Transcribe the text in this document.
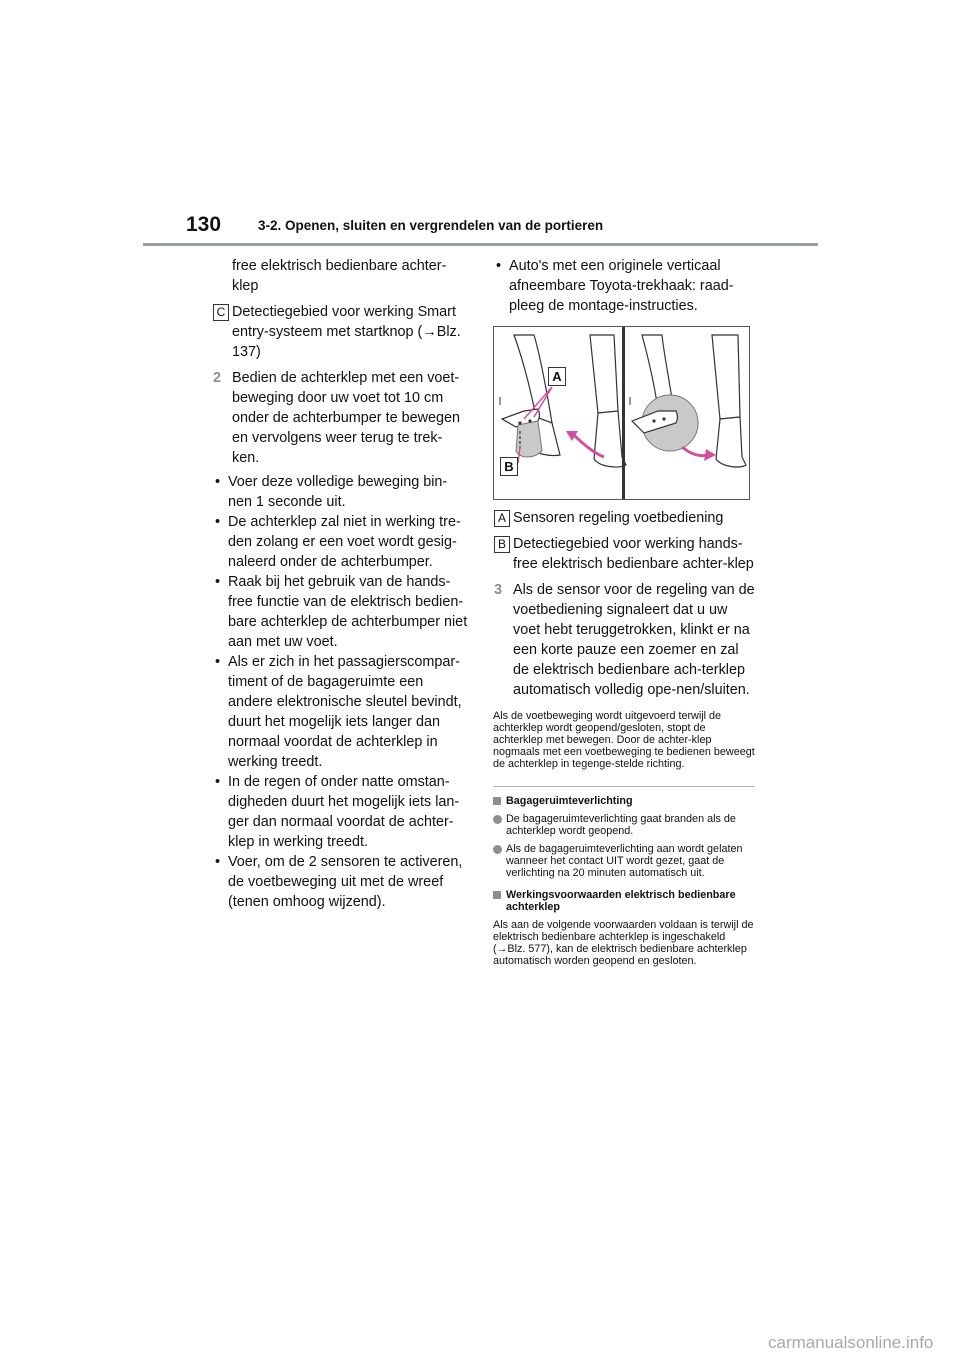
130	3-2. Openen, sluiten en vergrendelen van de portieren

free elektrisch bedienbare achter-
klep

C Detectiegebied voor werking Smart entry-systeem met startknop (→Blz. 137)
2 Bedien de achterklep met een voet-beweging door uw voet tot 10 cm onder de achterbumper te bewegen en vervolgens weer terug te trek-ken.
• Voer deze volledige beweging bin-nen 1 seconde uit.
• De achterklep zal niet in werking tre-den zolang er een voet wordt gesig-naleerd onder de achterbumper.
• Raak bij het gebruik van de hands-free functie van de elektrisch bedien-bare achterklep de achterbumper niet aan met uw voet.
• Als er zich in het passagierscompar-timent of de bagageruimte een andere elektronische sleutel bevindt, duurt het mogelijk iets langer dan normaal voordat de achterklep in werking treedt.
• In de regen of onder natte omstan-digheden duurt het mogelijk iets lan-ger dan normaal voordat de achter-klep in werking treedt.
• Voer, om de 2 sensoren te activeren, de voetbeweging uit met de wreef (tenen omhoog wijzend).
• Auto's met een originele verticaal afneembare Toyota-trekhaak: raad-pleeg de montage-instructies.
A
B
A Sensoren regeling voetbediening
B Detectiegebied voor werking hands-free elektrisch bedienbare achter-klep
3 Als de sensor voor de regeling van de voetbediening signaleert dat u uw voet hebt teruggetrokken, klinkt er na een korte pauze een zoemer en zal de elektrisch bedienbare ach-terklep automatisch volledig ope-nen/sluiten.

Als de voetbeweging wordt uitgevoerd terwijl de achterklep wordt geopend/gesloten, stopt de achterklep met bewegen. Door de achter-klep nogmaals met een voetbeweging te bedienen beweegt de achterklep in tegenge-stelde richting.

Bagageruimteverlichting
De bagageruimteverlichting gaat branden als de achterklep wordt geopend.
Als de bagageruimteverlichting aan wordt gelaten wanneer het contact UIT wordt gezet, gaat de verlichting na 20 minuten automatisch uit.
Werkingsvoorwaarden elektrisch bedienbare achterklep

Als aan de volgende voorwaarden voldaan is terwijl de elektrisch bedienbare achterklep is ingeschakeld (→Blz. 577), kan de elektrisch bedienbare achterklep automatisch worden geopend en gesloten.

carmanualsonline.info
